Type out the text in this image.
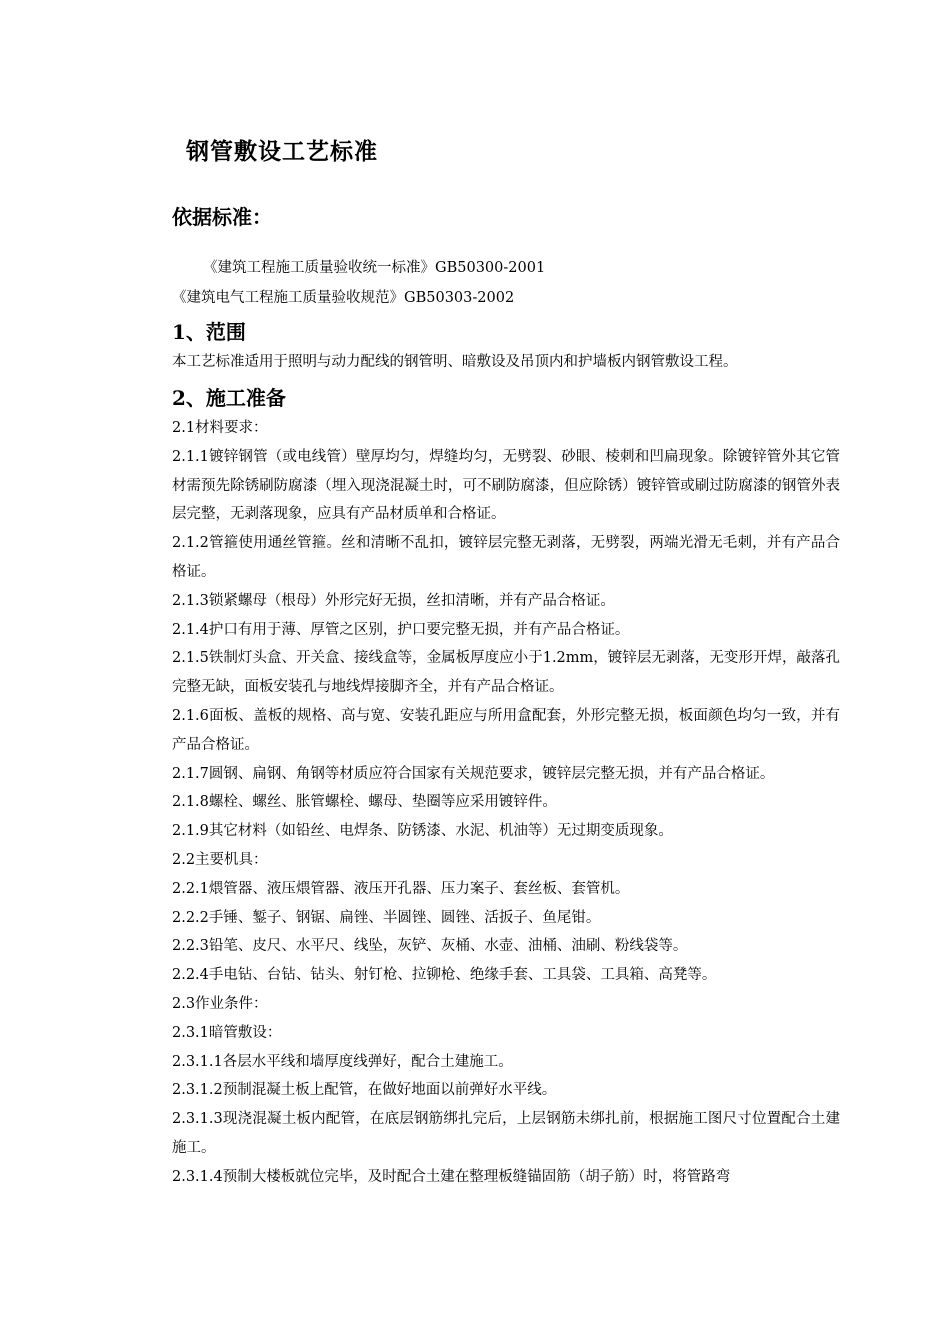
钢管敷设工艺标准
依据标准：
《建筑工程施工质量验收统一标准》GB50300-2001
《建筑电气工程施工质量验收规范》GB50303-2002
1、范围
本工艺标准适用于照明与动力配线的钢管明、暗敷设及吊顶内和护墙板内钢管敷设工程。
2、施工准备

2.1材料要求：

2.1.1镀锌钢管（或电线管）壁厚均匀，焊缝均匀，无劈裂、砂眼、棱刺和凹扁现象。除镀锌管外其它管材需预先除锈刷防腐漆（埋入现浇混凝土时，可不刷防腐漆，但应除锈）镀锌管或刷过防腐漆的钢管外表层完整，无剥落现象，应具有产品材质单和合格证。

2.1.2管箍使用通丝管箍。丝和清晰不乱扣，镀锌层完整无剥落，无劈裂，两端光滑无毛刺，并有产品合格证。

2.1.3锁紧螺母（根母）外形完好无损，丝扣清晰，并有产品合格证。

2.1.4护口有用于薄、厚管之区别，护口要完整无损，并有产品合格证。

2.1.5铁制灯头盒、开关盒、接线盒等，金属板厚度应小于1.2mm，镀锌层无剥落，无变形开焊，敲落孔完整无缺，面板安装孔与地线焊接脚齐全，并有产品合格证。

2.1.6面板、盖板的规格、高与宽、安装孔距应与所用盒配套，外形完整无损，板面颜色均匀一致，并有产品合格证。

2.1.7圆钢、扁钢、角钢等材质应符合国家有关规范要求，镀锌层完整无损，并有产品合格证。

2.1.8螺栓、螺丝、胀管螺栓、螺母、垫圈等应采用镀锌件。

2.1.9其它材料（如铅丝、电焊条、防锈漆、水泥、机油等）无过期变质现象。

2.2主要机具：

2.2.1煨管器、液压煨管器、液压开孔器、压力案子、套丝板、套管机。

2.2.2手锤、錾子、钢锯、扁锉、半圆锉、圆锉、活扳子、鱼尾钳。

2.2.3铅笔、皮尺、水平尺、线坠，灰铲、灰桶、水壶、油桶、油刷、粉线袋等。

2.2.4手电钻、台钻、钻头、射钉枪、拉铆枪、绝缘手套、工具袋、工具箱、高凳等。

2.3作业条件：

2.3.1暗管敷设：

2.3.1.1各层水平线和墙厚度线弹好，配合土建施工。

2.3.1.2预制混凝土板上配管，在做好地面以前弹好水平线。

2.3.1.3现浇混凝土板内配管，在底层钢筋绑扎完后，上层钢筋未绑扎前，根据施工图尺寸位置配合土建施工。

2.3.1.4预制大楼板就位完毕，及时配合土建在整理板缝锚固筋（胡子筋）时，将管路弯
